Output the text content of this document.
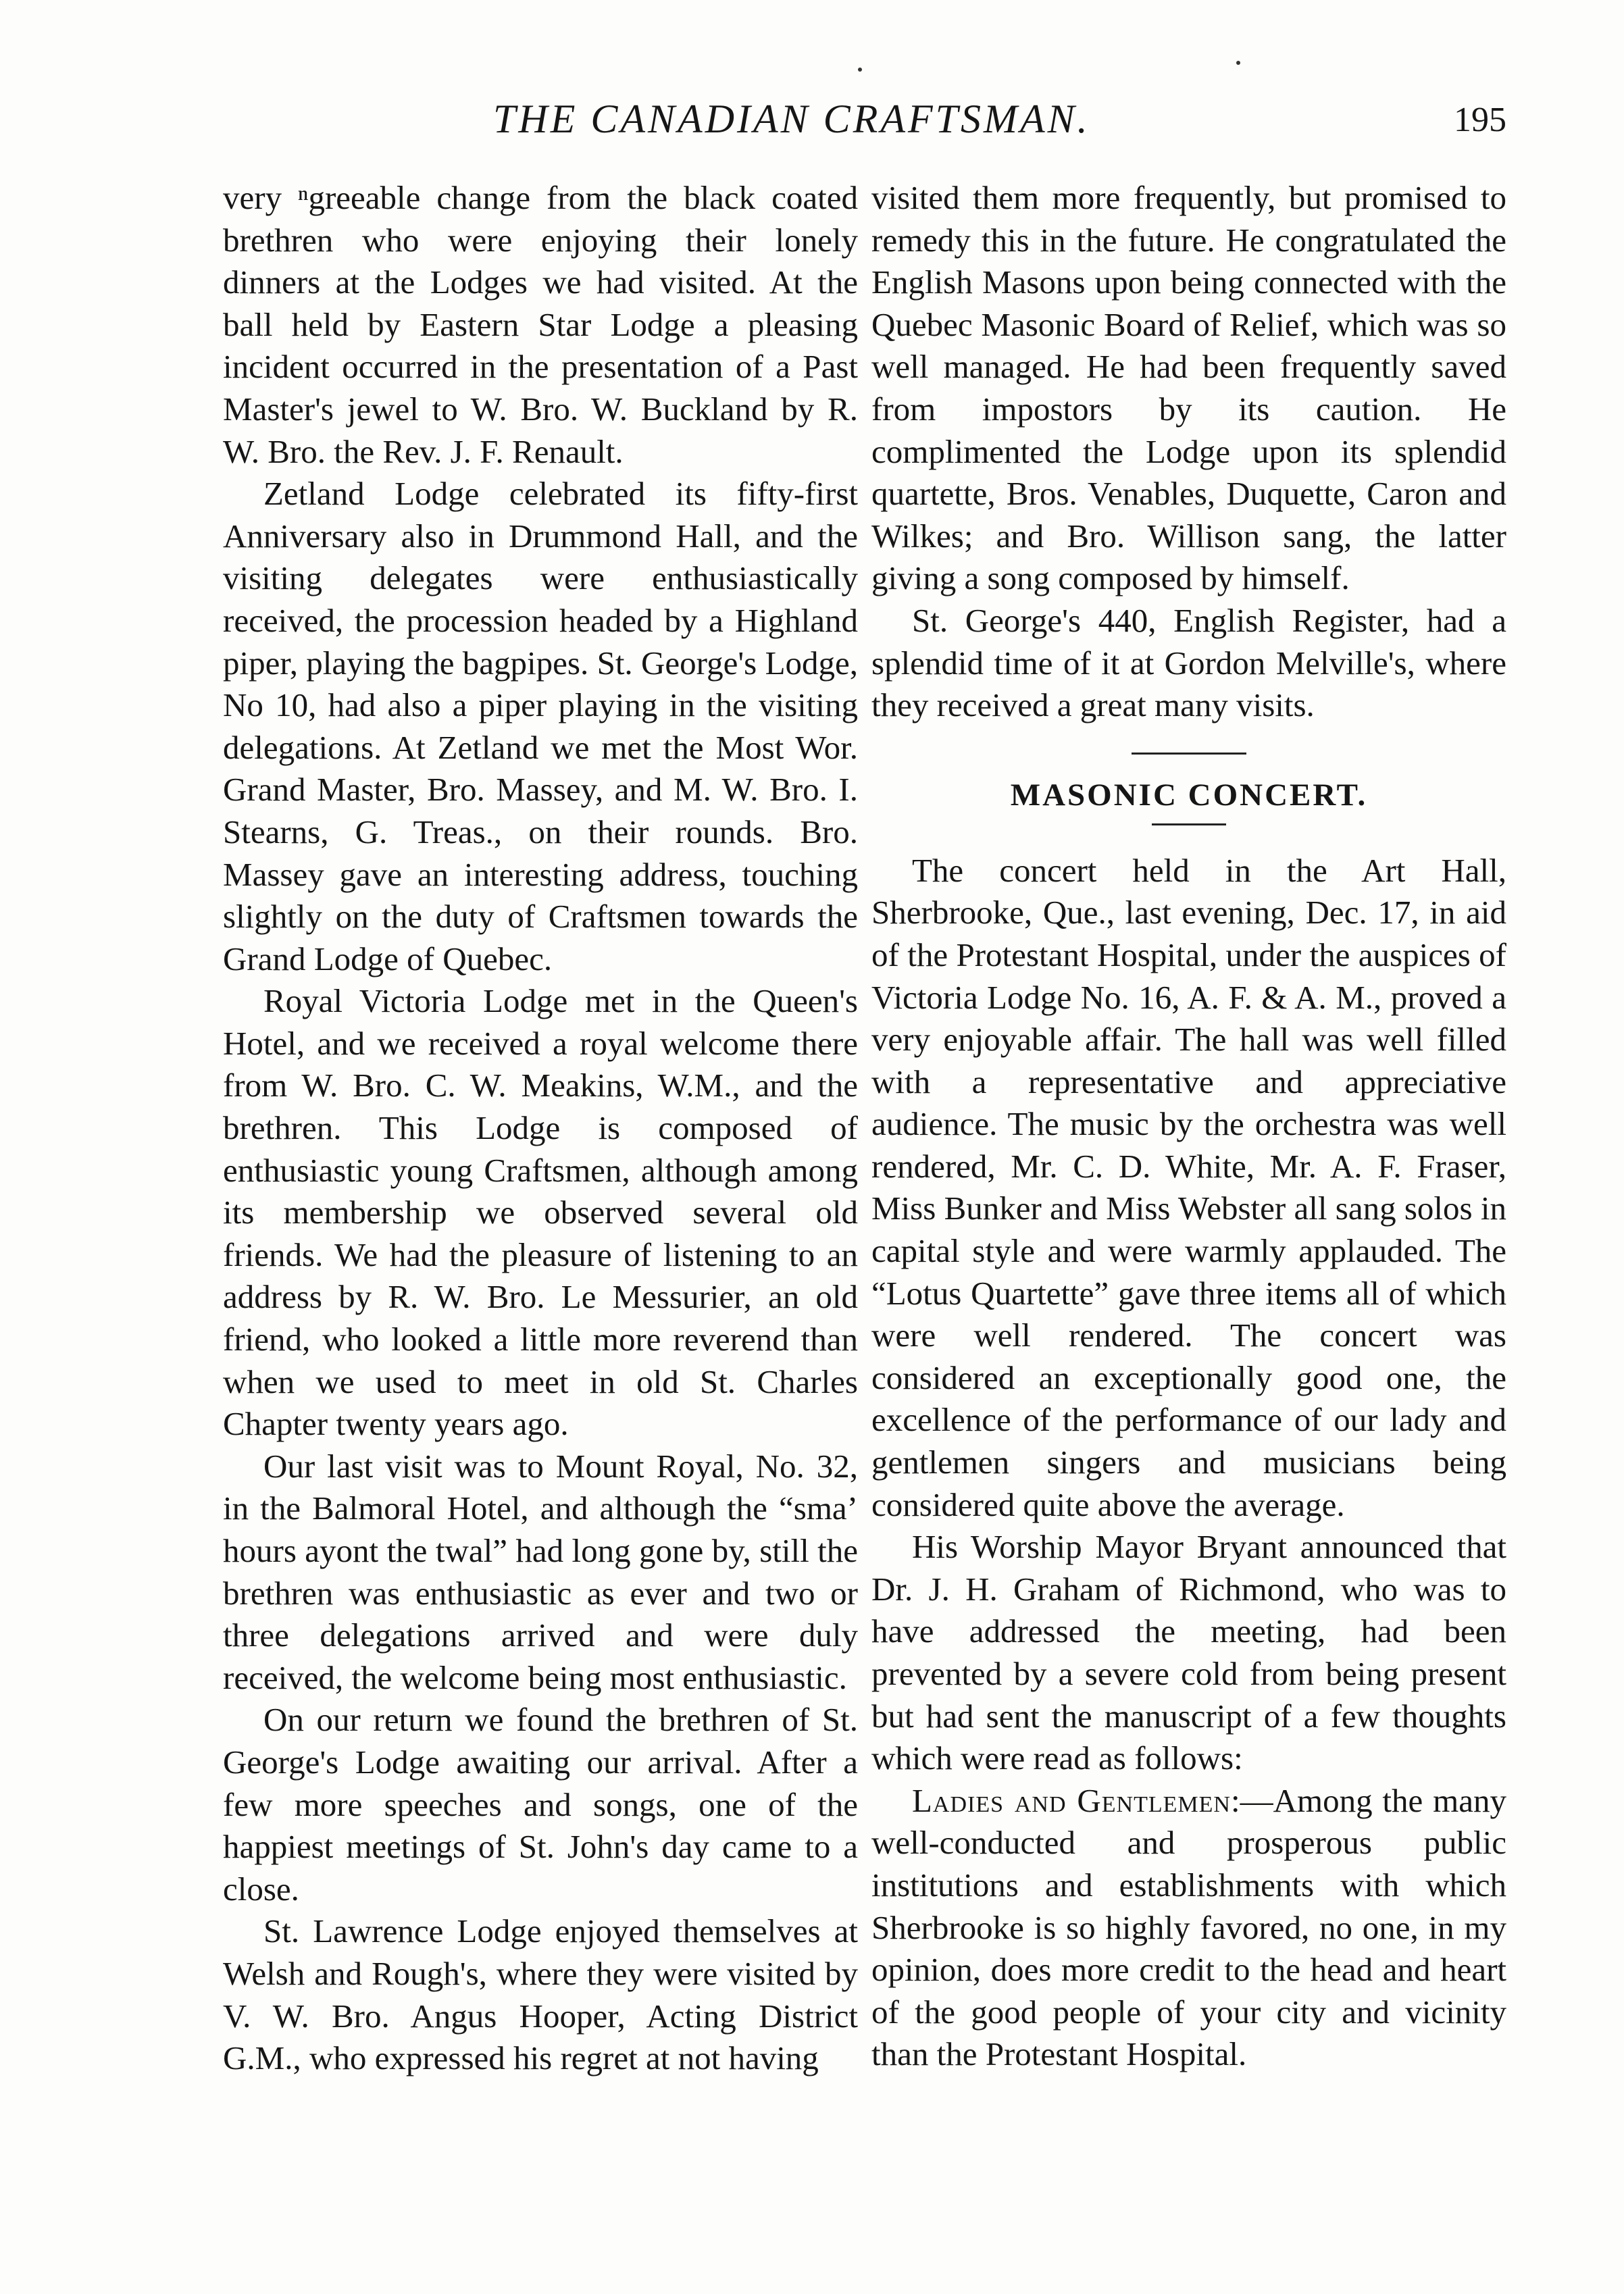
THE CANADIAN CRAFTSMAN.	195

very ⁿgreeable change from the black coated brethren who were enjoying their lonely dinners at the Lodges we had visited. At the ball held by Eastern Star Lodge a pleasing incident occurred in the presentation of a Past Master's jewel to W. Bro. W. Buckland by R. W. Bro. the Rev. J. F. Renault.

Zetland Lodge celebrated its fifty-first Anniversary also in Drummond Hall, and the visiting delegates were enthusiastically received, the procession headed by a Highland piper, playing the bagpipes. St. George's Lodge, No 10, had also a piper playing in the visiting delegations. At Zetland we met the Most Wor. Grand Master, Bro. Massey, and M. W. Bro. I. Stearns, G. Treas., on their rounds. Bro. Massey gave an interesting address, touching slightly on the duty of Craftsmen towards the Grand Lodge of Quebec.

Royal Victoria Lodge met in the Queen's Hotel, and we received a royal welcome there from W. Bro. C. W. Meakins, W.M., and the brethren. This Lodge is composed of enthusiastic young Craftsmen, although among its membership we observed several old friends. We had the pleasure of listening to an address by R. W. Bro. Le Messurier, an old friend, who looked a little more reverend than when we used to meet in old St. Charles Chapter twenty years ago.

Our last visit was to Mount Royal, No. 32, in the Balmoral Hotel, and although the “sma’ hours ayont the twal” had long gone by, still the brethren was enthusiastic as ever and two or three delegations arrived and were duly received, the welcome being most enthusiastic.

On our return we found the brethren of St. George's Lodge awaiting our arrival. After a few more speeches and songs, one of the happiest meetings of St. John's day came to a close.

St. Lawrence Lodge enjoyed themselves at Welsh and Rough's, where they were visited by V. W. Bro. Angus Hooper, Acting District G.M., who expressed his regret at not having

visited them more frequently, but promised to remedy this in the future. He congratulated the English Masons upon being connected with the Quebec Masonic Board of Relief, which was so well managed. He had been frequently saved from impostors by its caution. He complimented the Lodge upon its splendid quartette, Bros. Venables, Duquette, Caron and Wilkes; and Bro. Willison sang, the latter giving a song composed by himself.

St. George's 440, English Register, had a splendid time of it at Gordon Melville's, where they received a great many visits.

MASONIC CONCERT.

The concert held in the Art Hall, Sherbrooke, Que., last evening, Dec. 17, in aid of the Protestant Hospital, under the auspices of Victoria Lodge No. 16, A. F. & A. M., proved a very enjoyable affair. The hall was well filled with a representative and appreciative audience. The music by the orchestra was well rendered, Mr. C. D. White, Mr. A. F. Fraser, Miss Bunker and Miss Webster all sang solos in capital style and were warmly applauded. The “Lotus Quartette” gave three items all of which were well rendered. The concert was considered an exceptionally good one, the excellence of the performance of our lady and gentlemen singers and musicians being considered quite above the average.

His Worship Mayor Bryant announced that Dr. J. H. Graham of Richmond, who was to have addressed the meeting, had been prevented by a severe cold from being present but had sent the manuscript of a few thoughts which were read as follows:

Ladies and Gentlemen:—Among the many well-conducted and prosperous public institutions and establishments with which Sherbrooke is so highly favored, no one, in my opinion, does more credit to the head and heart of the good people of your city and vicinity than the Protestant Hospital.
